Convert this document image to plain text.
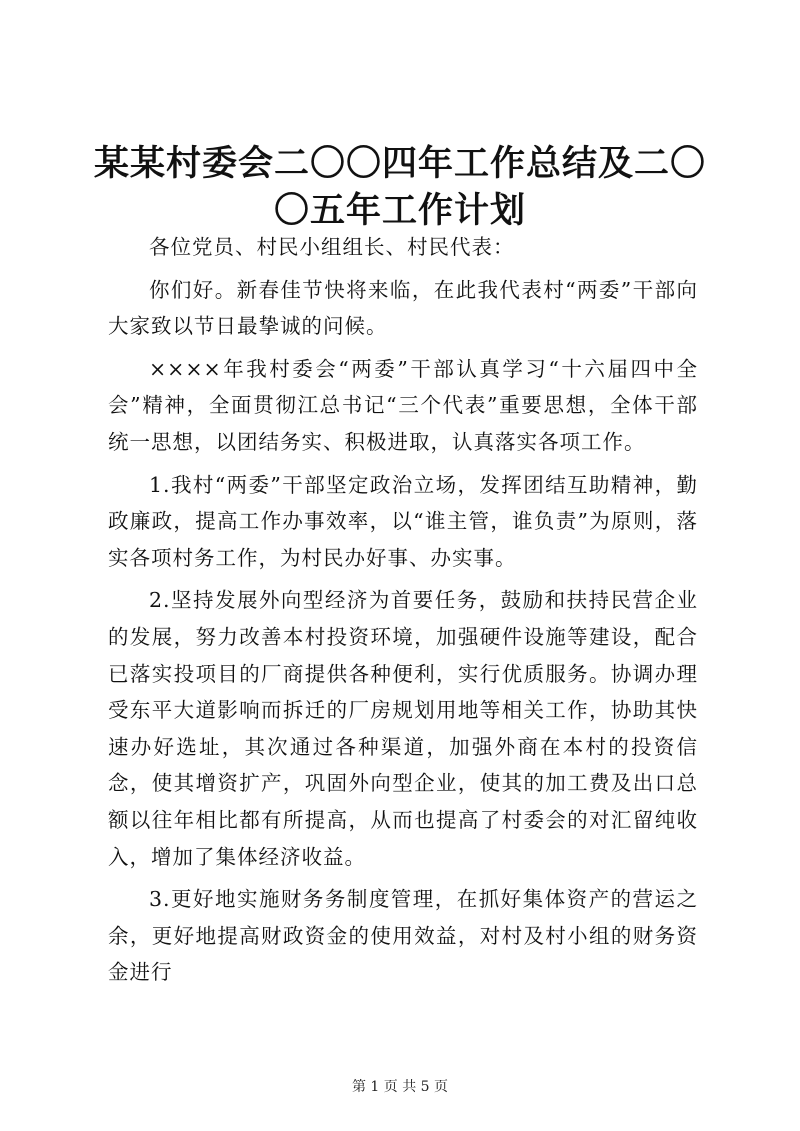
某某村委会二〇〇四年工作总结及二〇〇五年工作计划

各位党员、村民小组组长、村民代表：

你们好。新春佳节快将来临，在此我代表村“两委”干部向大家致以节日最挚诚的问候。

××××年我村委会“两委”干部认真学习“十六届四中全会”精神，全面贯彻江总书记“三个代表”重要思想，全体干部统一思想，以团结务实、积极进取，认真落实各项工作。

1.我村“两委”干部坚定政治立场，发挥团结互助精神，勤政廉政，提高工作办事效率，以“谁主管，谁负责”为原则，落实各项村务工作，为村民办好事、办实事。

2.坚持发展外向型经济为首要任务，鼓励和扶持民营企业的发展，努力改善本村投资环境，加强硬件设施等建设，配合已落实投项目的厂商提供各种便利，实行优质服务。协调办理受东平大道影响而拆迁的厂房规划用地等相关工作，协助其快速办好选址，其次通过各种渠道，加强外商在本村的投资信念，使其增资扩产，巩固外向型企业，使其的加工费及出口总额以往年相比都有所提高，从而也提高了村委会的对汇留纯收入，增加了集体经济收益。

3.更好地实施财务务制度管理，在抓好集体资产的营运之余，更好地提高财政资金的使用效益，对村及村小组的财务资金进行

第 1 页 共 5 页
